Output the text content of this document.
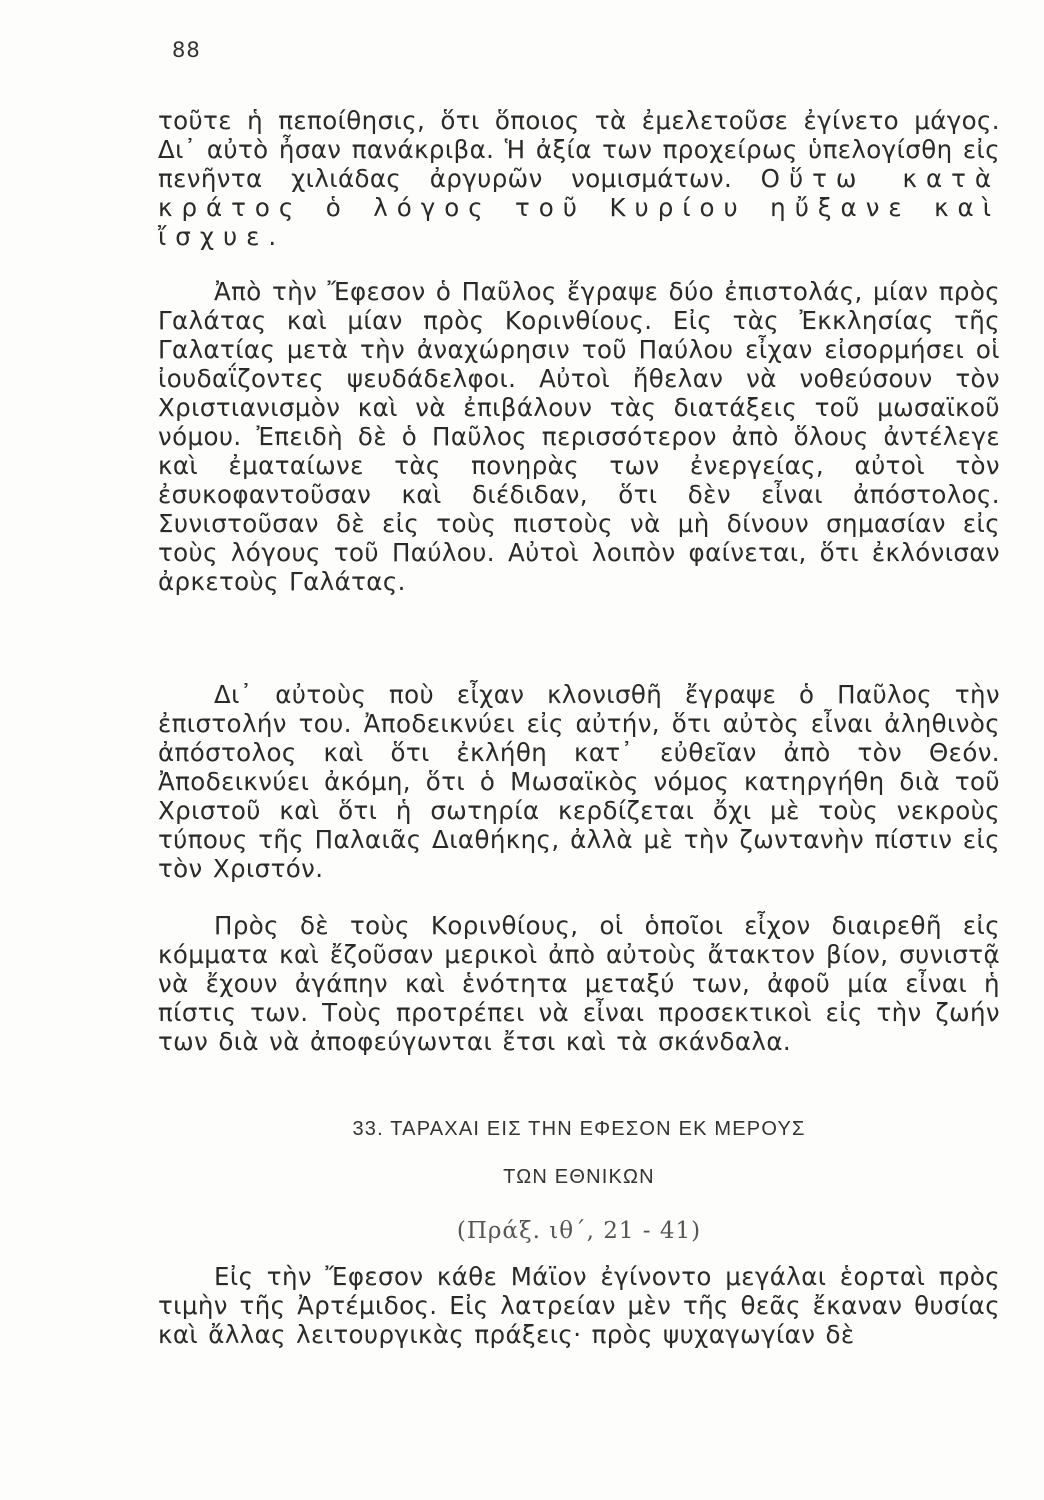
88

τοῦτε ἡ πεποίθησις, ὅτι ὅποιος τὰ ἐμελετοῦσε ἐγίνετο μάγος. Δι᾽ αὐτὸ ἦσαν πανάκριβα. Ἡ ἀξία των προχείρως ὑπελογίσθη εἰς πενῆντα χιλιάδας ἀργυρῶν νομισμάτων. Οὕτω κατὰ κράτος ὁ λόγος τοῦ Κυρίου ηὔξανε καὶ ἴσχυε.

Ἀπὸ τὴν Ἔφεσον ὁ Παῦλος ἔγραψε δύο ἐπιστολάς, μίαν πρὸς Γαλάτας καὶ μίαν πρὸς Κορινθίους. Εἰς τὰς Ἐκκλησίας τῆς Γαλατίας μετὰ τὴν ἀναχώρησιν τοῦ Παύλου εἶχαν εἰσορμήσει οἱ ἰουδαΐζοντες ψευδάδελφοι. Αὐτοὶ ἤθελαν νὰ νοθεύσουν τὸν Χριστιανισμὸν καὶ νὰ ἐπιβάλουν τὰς διατάξεις τοῦ μωσαϊκοῦ νόμου. Ἐπειδὴ δὲ ὁ Παῦλος περισσότερον ἀπὸ ὅλους ἀντέλεγε καὶ ἐματαίωνε τὰς πονηρὰς των ἐνεργείας, αὐτοὶ τὸν ἐσυκοφαντοῦσαν καὶ διέδιδαν, ὅτι δὲν εἶναι ἀπόστολος. Συνιστοῦσαν δὲ εἰς τοὺς πιστοὺς νὰ μὴ δίνουν σημασίαν εἰς τοὺς λόγους τοῦ Παύλου. Αὐτοὶ λοιπὸν φαίνεται, ὅτι ἐκλόνισαν ἀρκετοὺς Γαλάτας.

Δι᾽ αὐτοὺς ποὺ εἶχαν κλονισθῆ ἔγραψε ὁ Παῦλος τὴν ἐπιστολήν του. Ἀποδεικνύει εἰς αὐτήν, ὅτι αὐτὸς εἶναι ἀληθινὸς ἀπόστολος καὶ ὅτι ἐκλήθη κατ᾽ εὐθεῖαν ἀπὸ τὸν Θεόν. Ἀποδεικνύει ἀκόμη, ὅτι ὁ Μωσαϊκὸς νόμος κατηργήθη διὰ τοῦ Χριστοῦ καὶ ὅτι ἡ σωτηρία κερδίζεται ὄχι μὲ τοὺς νεκροὺς τύπους τῆς Παλαιᾶς Διαθήκης, ἀλλὰ μὲ τὴν ζωντανὴν πίστιν εἰς τὸν Χριστόν.

Πρὸς δὲ τοὺς Κορινθίους, οἱ ὁποῖοι εἶχον διαιρεθῆ εἰς κόμματα καὶ ἔζοῦσαν μερικοὶ ἀπὸ αὐτοὺς ἄτακτον βίον, συνιστᾷ νὰ ἔχουν ἀγάπην καὶ ἑνότητα μεταξύ των, ἀφοῦ μία εἶναι ἡ πίστις των. Τοὺς προτρέπει νὰ εἶναι προσεκτικοὶ εἰς τὴν ζωήν των διὰ νὰ ἀποφεύγωνται ἔτσι καὶ τὰ σκάνδαλα.

33. ΤΑΡΑΧΑΙ ΕΙΣ ΤΗΝ ΕΦΕΣΟΝ ΕΚ ΜΕΡΟΥΣ
ΤΩΝ ΕΘΝΙΚΩΝ
(Πράξ. ιθ΄, 21 - 41)

Εἰς τὴν Ἔφεσον κάθε Μάϊον ἐγίνοντο μεγάλαι ἑορταὶ πρὸς τιμὴν τῆς Ἀρτέμιδος. Εἰς λατρείαν μὲν τῆς θεᾶς ἔκαναν θυσίας καὶ ἄλλας λειτουργικὰς πράξεις· πρὸς ψυχαγωγίαν δὲ
